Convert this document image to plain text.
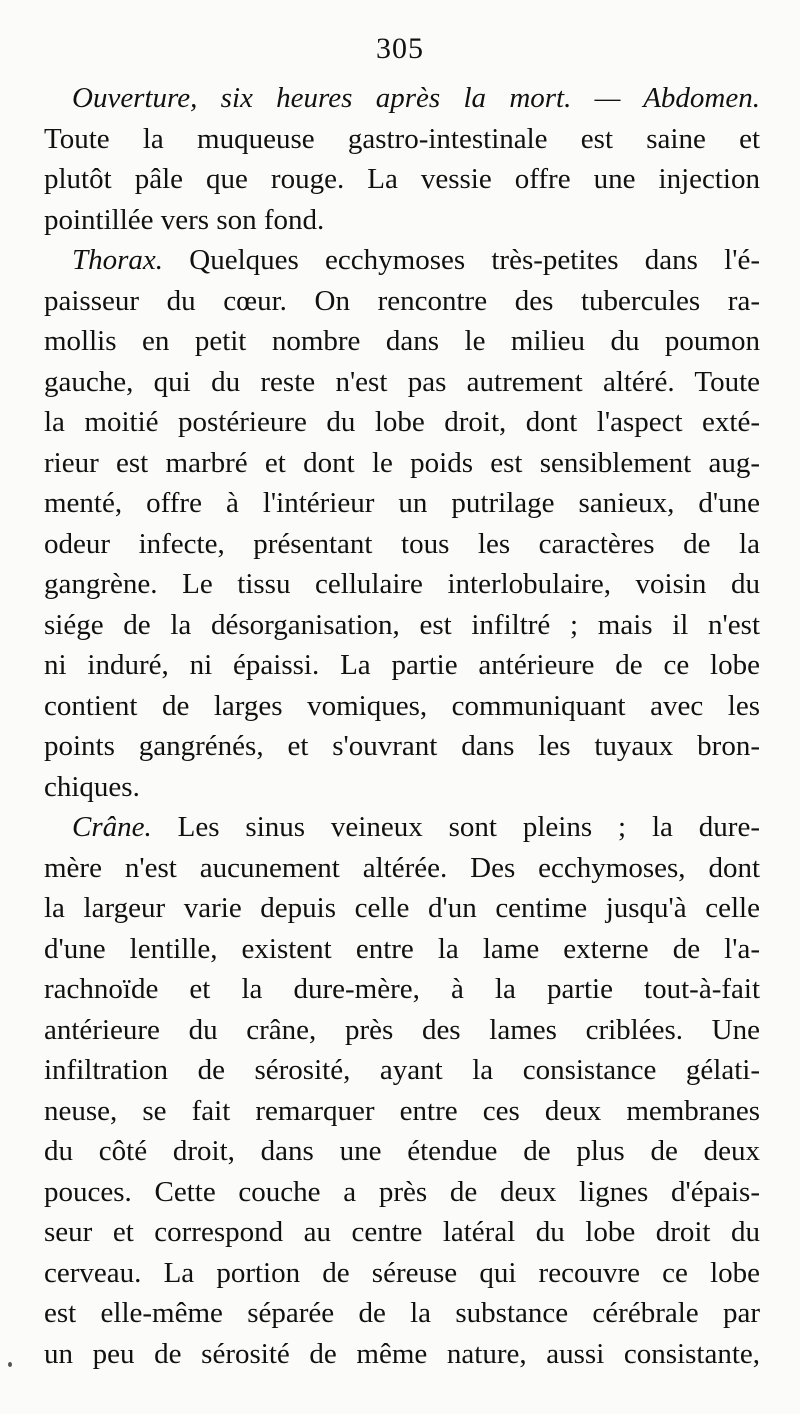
305
Ouverture, six heures après la mort. — Abdomen.
Toute la muqueuse gastro-intestinale est saine et
plutôt pâle que rouge. La vessie offre une injection
pointillée vers son fond.
Thorax. Quelques ecchymoses très-petites dans l'é-
paisseur du cœur. On rencontre des tubercules ra-
mollis en petit nombre dans le milieu du poumon
gauche, qui du reste n'est pas autrement altéré. Toute
la moitié postérieure du lobe droit, dont l'aspect exté-
rieur est marbré et dont le poids est sensiblement aug-
menté, offre à l'intérieur un putrilage sanieux, d'une
odeur infecte, présentant tous les caractères de la
gangrène. Le tissu cellulaire interlobulaire, voisin du
siége de la désorganisation, est infiltré ; mais il n'est
ni induré, ni épaissi. La partie antérieure de ce lobe
contient de larges vomiques, communiquant avec les
points gangrénés, et s'ouvrant dans les tuyaux bron-
chiques.
Crâne. Les sinus veineux sont pleins ; la dure-
mère n'est aucunement altérée. Des ecchymoses, dont
la largeur varie depuis celle d'un centime jusqu'à celle
d'une lentille, existent entre la lame externe de l'a-
rachnoïde et la dure-mère, à la partie tout-à-fait
antérieure du crâne, près des lames criblées. Une
infiltration de sérosité, ayant la consistance gélati-
neuse, se fait remarquer entre ces deux membranes
du côté droit, dans une étendue de plus de deux
pouces. Cette couche a près de deux lignes d'épais-
seur et correspond au centre latéral du lobe droit du
cerveau. La portion de séreuse qui recouvre ce lobe
est elle-même séparée de la substance cérébrale par
un peu de sérosité de même nature, aussi consistante,
